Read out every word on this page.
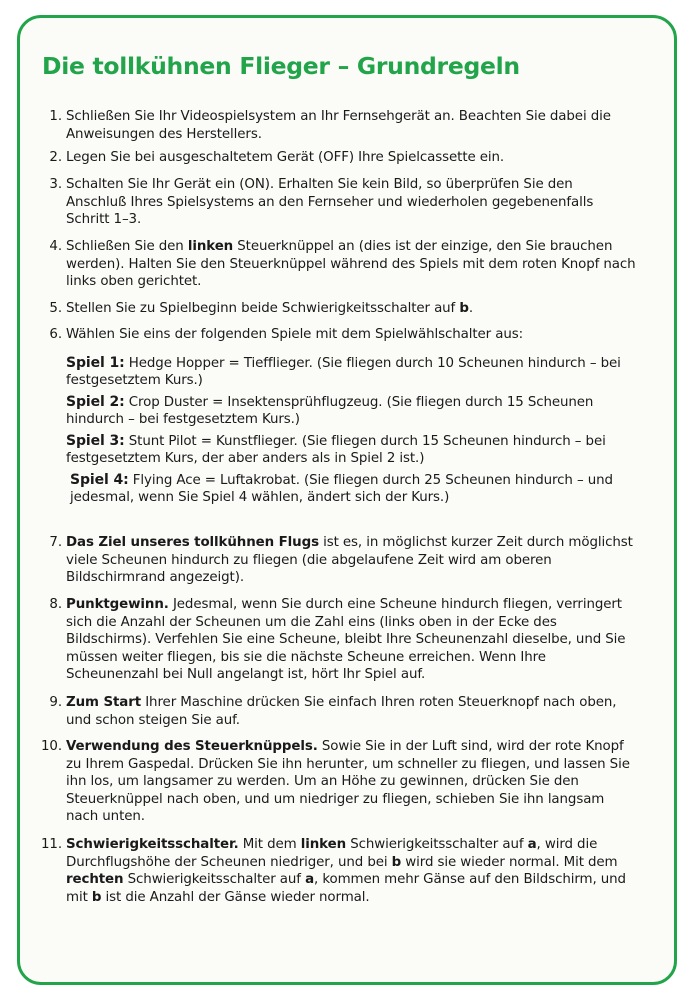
Die tollkühnen Flieger – Grundregeln
1. Schließen Sie Ihr Videospielsystem an Ihr Fernsehgerät an. Beachten Sie dabei die Anweisungen des Herstellers.
2. Legen Sie bei ausgeschaltetem Gerät (OFF) Ihre Spielcassette ein.
3. Schalten Sie Ihr Gerät ein (ON). Erhalten Sie kein Bild, so überprüfen Sie den Anschluß Ihres Spielsystems an den Fernseher und wiederholen gegebenenfalls Schritt 1–3.
4. Schließen Sie den linken Steuerknüppel an (dies ist der einzige, den Sie brauchen werden). Halten Sie den Steuerknüppel während des Spiels mit dem roten Knopf nach links oben gerichtet.
5. Stellen Sie zu Spielbeginn beide Schwierigkeitsschalter auf b.
6. Wählen Sie eins der folgenden Spiele mit dem Spielwählschalter aus:
Spiel 1: Hedge Hopper = Tiefflieger. (Sie fliegen durch 10 Scheunen hindurch – bei festgesetztem Kurs.)
Spiel 2: Crop Duster = Insektensprühflugzeug. (Sie fliegen durch 15 Scheunen hindurch – bei festgesetztem Kurs.)
Spiel 3: Stunt Pilot = Kunstflieger. (Sie fliegen durch 15 Scheunen hindurch – bei festgesetztem Kurs, der aber anders als in Spiel 2 ist.)
Spiel 4: Flying Ace = Luftakrobat. (Sie fliegen durch 25 Scheunen hindurch – und jedesmal, wenn Sie Spiel 4 wählen, ändert sich der Kurs.)
7. Das Ziel unseres tollkühnen Flugs ist es, in möglichst kurzer Zeit durch möglichst viele Scheunen hindurch zu fliegen (die abgelaufene Zeit wird am oberen Bildschirmrand angezeigt).
8. Punktgewinn. Jedesmal, wenn Sie durch eine Scheune hindurch fliegen, verringert sich die Anzahl der Scheunen um die Zahl eins (links oben in der Ecke des Bildschirms). Verfehlen Sie eine Scheune, bleibt Ihre Scheunenzahl dieselbe, und Sie müssen weiter fliegen, bis sie die nächste Scheune erreichen. Wenn Ihre Scheunenzahl bei Null angelangt ist, hört Ihr Spiel auf.
9. Zum Start Ihrer Maschine drücken Sie einfach Ihren roten Steuerknopf nach oben, und schon steigen Sie auf.
10. Verwendung des Steuerknüppels. Sowie Sie in der Luft sind, wird der rote Knopf zu Ihrem Gaspedal. Drücken Sie ihn herunter, um schneller zu fliegen, und lassen Sie ihn los, um langsamer zu werden. Um an Höhe zu gewinnen, drücken Sie den Steuerknüppel nach oben, und um niedriger zu fliegen, schieben Sie ihn langsam nach unten.
11. Schwierigkeitsschalter. Mit dem linken Schwierigkeitsschalter auf a, wird die Durchflugshöhe der Scheunen niedriger, und bei b wird sie wieder normal. Mit dem rechten Schwierigkeitsschalter auf a, kommen mehr Gänse auf den Bildschirm, und mit b ist die Anzahl der Gänse wieder normal.
